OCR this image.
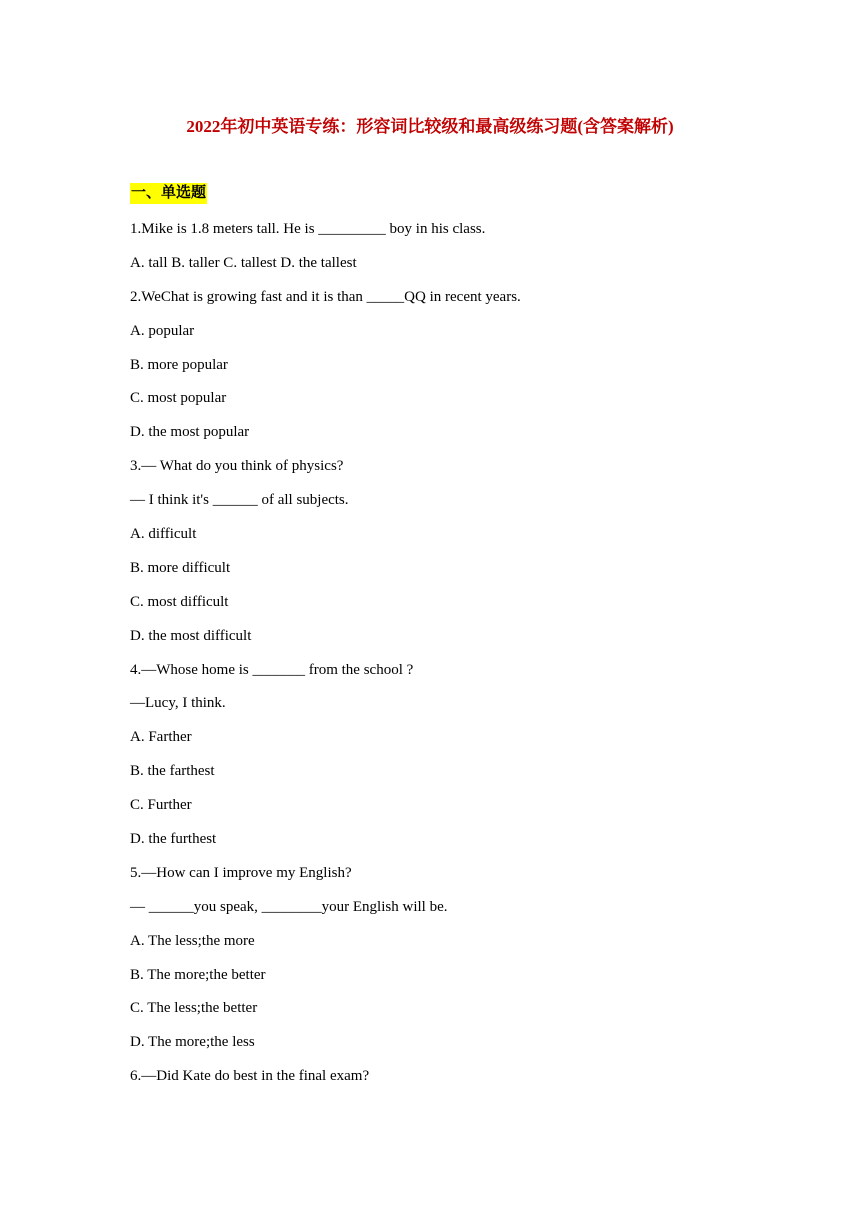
2022年初中英语专练：形容词比较级和最高级练习题(含答案解析)
一、单选题
1.Mike is 1.8 meters tall. He is _________ boy in his class.
A. tall B. taller C. tallest D. the tallest
2.WeChat is growing fast and it is than _____QQ in recent years.
A. popular
B. more popular
C. most popular
D. the most popular
3.— What do you think of physics?
— I think it's ______ of all subjects.
A. difficult
B. more difficult
C. most difficult
D. the most difficult
4.—Whose home is _______ from the school ?
—Lucy, I think.
A. Farther
B. the farthest
C. Further
D. the furthest
5.—How can I improve my English?
— ______you speak, ________your English will be.
A. The less;the more
B. The more;the better
C. The less;the better
D. The more;the less
6.—Did Kate do best in the final exam?
